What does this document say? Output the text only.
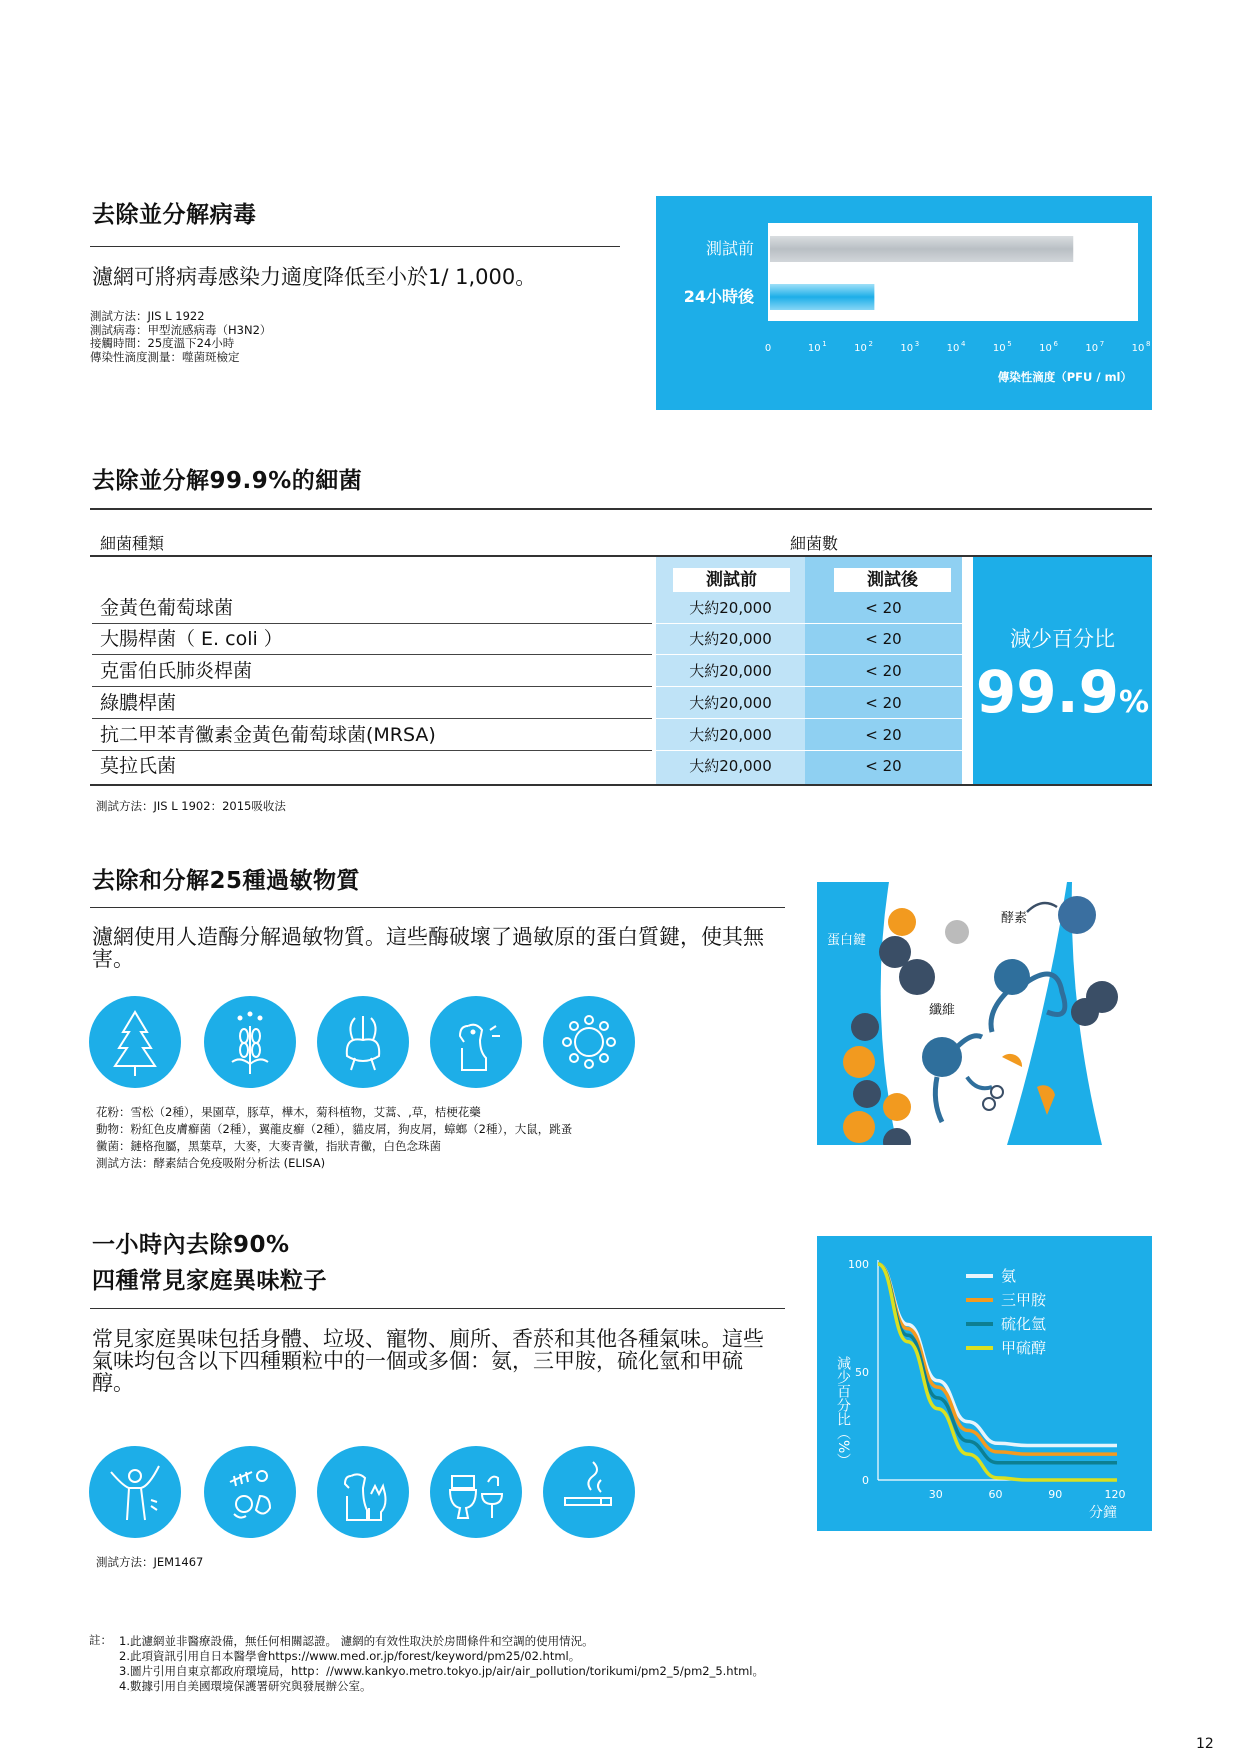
去除並分解病毒
濾網可將病毒感染力適度降低至小於1/ 1,000。
測試方法：JIS L 1922
測試病毒：甲型流感病毒（H3N2）
接觸時間：25度溫下24小時
傳染性滴度測量：噬菌斑檢定
測試前
24小時後
0	10 1	10 2	10 3	10 4	10 5	10 6	10 7	10 8
傳染性滴度（PFU / ml）
去除並分解99.9%的細菌
細菌種類	細菌數
測試前	測試後
金黃色葡萄球菌	大約20,000	< 20
大腸桿菌（ E. coli ）	大約20,000	< 20
克雷伯氏肺炎桿菌	大約20,000	< 20
綠膿桿菌	大約20,000	< 20
抗二甲苯青黴素金黃色葡萄球菌(MRSA)	大約20,000	< 20
莫拉氏菌	大約20,000	< 20
減少百分比
99.9%
測試方法：JIS L 1902：2015吸收法
去除和分解25種過敏物質
濾網使用人造酶分解過敏物質。這些酶破壞了過敏原的蛋白質鍵，使其無害。
花粉：雪松（2種），果園草，豚草，樺木，菊科植物，艾蒿、,草，桔梗花藥
動物：粉紅色皮膚癬菌（2種），翼龍皮癬（2種），貓皮屑，狗皮屑，蟑螂（2種），大鼠，跳蚤
黴菌：鏈格孢屬，黑葉草，大麥，大麥青黴，指狀青黴，白色念珠菌
測試方法：酵素結合免疫吸附分析法 (ELISA)
蛋白鍵
酵素
纖維
一小時內去除90%
四種常見家庭異味粒子
常見家庭異味包括身體、垃圾、寵物、廁所、香菸和其他各種氣味。這些氣味均包含以下四種顆粒中的一個或多個：氨，三甲胺，硫化氫和甲硫醇。
測試方法：JEM1467
減少百分比（%）
氨
三甲胺
硫化氫
甲硫醇
0
50
100
30	60	90	120
分鐘
註： 1.此濾網並非醫療設備，無任何相關認證。 濾網的有效性取決於房間條件和空調的使用情況。
2.此項資訊引用自日本醫學會https://www.med.or.jp/forest/keyword/pm25/02.html。
3.圖片引用自東京都政府環境局，http：//www.kankyo.metro.tokyo.jp/air/air_pollution/torikumi/pm2_5/pm2_5.html。
4.數據引用自美國環境保護署研究與發展辦公室。
12
